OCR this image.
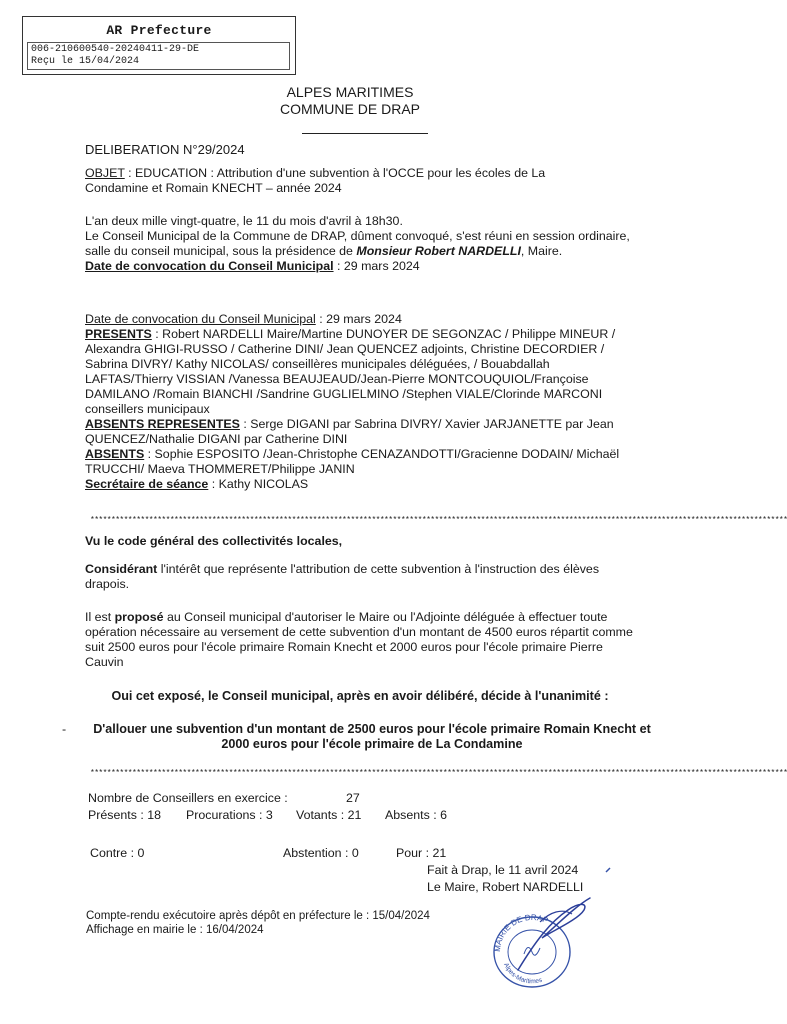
AR Prefecture
006-210600540-20240411-29-DE
Reçu le 15/04/2024
ALPES MARITIMES
COMMUNE DE DRAP
DELIBERATION N°29/2024
OBJET : EDUCATION : Attribution d'une subvention à l'OCCE pour les écoles de La Condamine et Romain KNECHT – année 2024
L'an deux mille vingt-quatre, le 11 du mois d'avril à 18h30.
Le Conseil Municipal de la Commune de DRAP, dûment convoqué, s'est réuni en session ordinaire, salle du conseil municipal, sous la présidence de Monsieur Robert NARDELLI, Maire.
Date de convocation du Conseil Municipal : 29 mars 2024
Date de convocation du Conseil Municipal : 29 mars 2024
PRESENTS : Robert NARDELLI Maire/Martine DUNOYER DE SEGONZAC / Philippe MINEUR / Alexandra GHIGI-RUSSO / Catherine DINI/ Jean QUENCEZ adjoints, Christine DECORDIER / Sabrina DIVRY/ Kathy NICOLAS/ conseillères municipales déléguées, / Bouabdallah LAFTAS/Thierry VISSIAN /Vanessa BEAUJEAUD/Jean-Pierre MONTCOUQUIOL/Françoise DAMILANO /Romain BIANCHI /Sandrine GUGLIELMINO /Stephen VIALE/Clorinde MARCONI conseillers municipaux
ABSENTS REPRESENTES : Serge DIGANI par Sabrina DIVRY/ Xavier JARJANETTE par Jean QUENCEZ/Nathalie DIGANI par Catherine DINI
ABSENTS : Sophie ESPOSITO /Jean-Christophe CENAZANDOTTI/Gracienne DODAIN/ Michaël TRUCCHI/ Maeva THOMMERET/Philippe JANIN
Secrétaire de séance : Kathy NICOLAS
**********************************************************************************************************************************************************************
Vu le code général des collectivités locales,
Considérant l'intérêt que représente l'attribution de cette subvention à l'instruction des élèves drapois.
Il est proposé au Conseil municipal d'autoriser le Maire ou l'Adjointe déléguée à effectuer toute opération nécessaire au versement de cette subvention d'un montant de 4500 euros répartit comme suit 2500 euros pour l'école primaire Romain Knecht et 2000 euros pour l'école primaire Pierre Cauvin
Oui cet exposé, le Conseil municipal, après en avoir délibéré, décide à l'unanimité :
-	D'allouer une subvention d'un montant de 2500 euros pour l'école primaire Romain Knecht et 2000 euros pour l'école primaire de La Condamine
**********************************************************************************************************************************************************************
Nombre de Conseillers en exercice :	27
Présents : 18 Procurations : 3 Votants : 21 Absents : 6
Contre : 0	Abstention : 0	Pour : 21
Fait à Drap, le 11 avril 2024
Le Maire, Robert NARDELLI
Compte-rendu exécutoire après dépôt en préfecture le : 15/04/2024
Affichage en mairie le : 16/04/2024
MAIRIE DE DRAP
Alpes-Maritimes
